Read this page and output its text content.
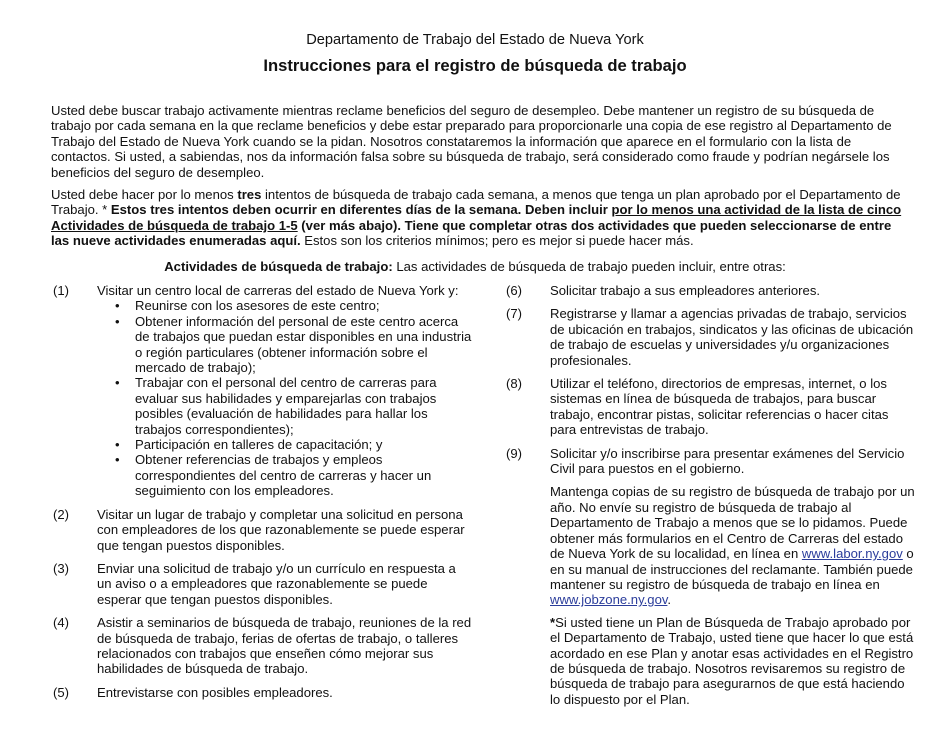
Departamento de Trabajo del Estado de Nueva York
Instrucciones para el registro de búsqueda de trabajo

Usted debe buscar trabajo activamente mientras reclame beneficios del seguro de desempleo. Debe mantener un registro de su búsqueda de trabajo por cada semana en la que reclame beneficios y debe estar preparado para proporcionarle una copia de ese registro al Departamento de Trabajo del Estado de Nueva York cuando se la pidan. Nosotros constataremos la información que aparece en el formulario con la lista de contactos. Si usted, a sabiendas, nos da información falsa sobre su búsqueda de trabajo, será considerado como fraude y podrían negársele los beneficios del seguro de desempleo.

Usted debe hacer por lo menos tres intentos de búsqueda de trabajo cada semana, a menos que tenga un plan aprobado por el Departamento de Trabajo. * Estos tres intentos deben ocurrir en diferentes días de la semana. Deben incluir por lo menos una actividad de la lista de cinco Actividades de búsqueda de trabajo 1-5 (ver más abajo). Tiene que completar otras dos actividades que pueden seleccionarse de entre las nueve actividades enumeradas aquí. Estos son los criterios mínimos; pero es mejor si puede hacer más.

Actividades de búsqueda de trabajo: Las actividades de búsqueda de trabajo pueden incluir, entre otras:
(1) Visitar un centro local de carreras del estado de Nueva York y:
• Reunirse con los asesores de este centro;
• Obtener información del personal de este centro acerca de trabajos que puedan estar disponibles en una industria o región particulares (obtener información sobre el mercado de trabajo);
• Trabajar con el personal del centro de carreras para evaluar sus habilidades y emparejarlas con trabajos posibles (evaluación de habilidades para hallar los trabajos correspondientes);
• Participación en talleres de capacitación; y
• Obtener referencias de trabajos y empleos correspondientes del centro de carreras y hacer un seguimiento con los empleadores.
(2) Visitar un lugar de trabajo y completar una solicitud en persona con empleadores de los que razonablemente se puede esperar que tengan puestos disponibles.
(3) Enviar una solicitud de trabajo y/o un currículo en respuesta a un aviso o a empleadores que razonablemente se puede esperar que tengan puestos disponibles.
(4) Asistir a seminarios de búsqueda de trabajo, reuniones de la red de búsqueda de trabajo, ferias de ofertas de trabajo, o talleres relacionados con trabajos que enseñen cómo mejorar sus habilidades de búsqueda de trabajo.
(5) Entrevistarse con posibles empleadores.
(6) Solicitar trabajo a sus empleadores anteriores.
(7) Registrarse y llamar a agencias privadas de trabajo, servicios de ubicación en trabajos, sindicatos y las oficinas de ubicación de trabajo de escuelas y universidades y/u organizaciones profesionales.
(8) Utilizar el teléfono, directorios de empresas, internet, o los sistemas en línea de búsqueda de trabajos, para buscar trabajo, encontrar pistas, solicitar referencias o hacer citas para entrevistas de trabajo.
(9) Solicitar y/o inscribirse para presentar exámenes del Servicio Civil para puestos en el gobierno.

Mantenga copias de su registro de búsqueda de trabajo por un año. No envíe su registro de búsqueda de trabajo al Departamento de Trabajo a menos que se lo pidamos. Puede obtener más formularios en el Centro de Carreras del estado de Nueva York de su localidad, en línea en www.labor.ny.gov o en su manual de instrucciones del reclamante. También puede mantener su registro de búsqueda de trabajo en línea en www.jobzone.ny.gov.

*Si usted tiene un Plan de Búsqueda de Trabajo aprobado por el Departamento de Trabajo, usted tiene que hacer lo que está acordado en ese Plan y anotar esas actividades en el Registro de búsqueda de trabajo. Nosotros revisaremos su registro de búsqueda de trabajo para asegurarnos de que está haciendo lo dispuesto por el Plan.
